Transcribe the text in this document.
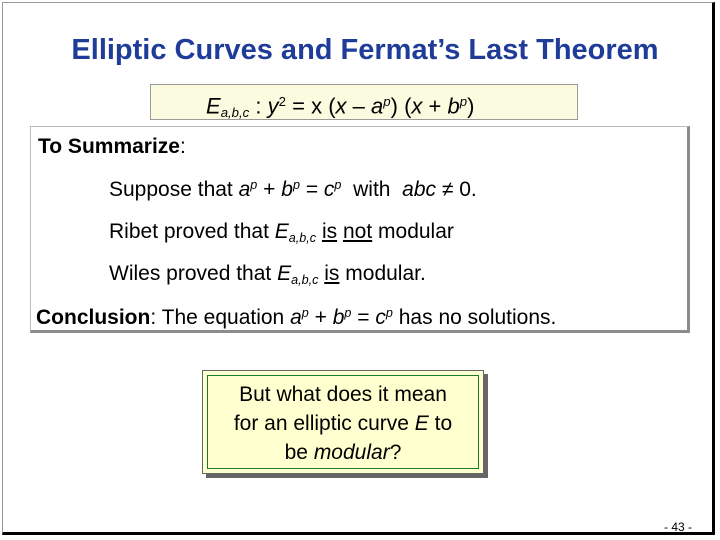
Elliptic Curves and Fermat’s Last Theorem
$E_{a,b,c}$ : $y^2 = x$ $(x - a^p)$ $(x + b^p)$
To Summarize:
Suppose that $a^p + b^p = c^p$ with abc ≠ 0.
Ribet proved that $E_{a,b,c}$ is not modular
Wiles proved that $E_{a,b,c}$ is modular.
Conclusion: The equation $a^p + b^p = c^p$ has no solutions.
But what does it mean
for an elliptic curve E to
be modular?
- 43 -
